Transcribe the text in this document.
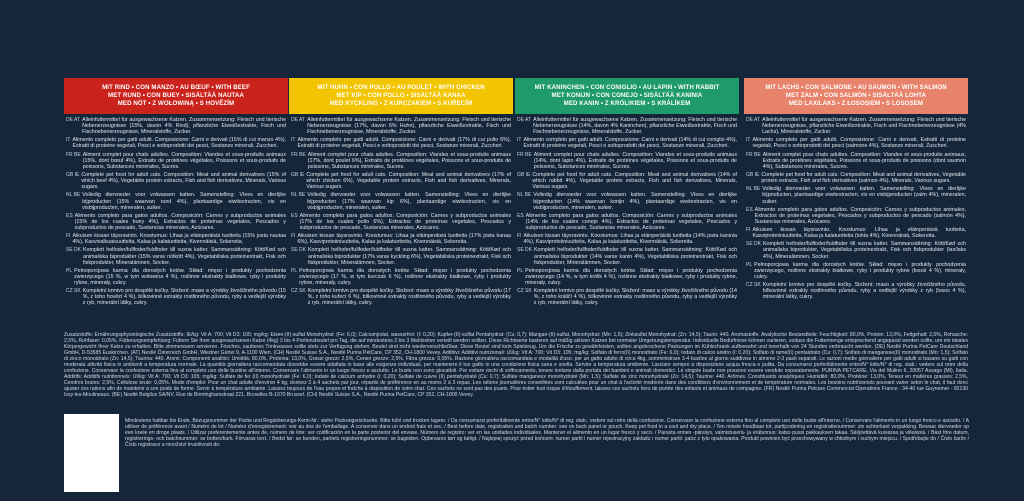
MIT RIND • CON MANZO • AU BŒUF • WITH BEEF
MET RUND • CON BUEY • SISÄLTÄÄ NAUTAA
MED NÖT • Z WOŁOWINĄ • S HOVĚZÍM
DE AT Alleinfuttermittel für ausgewachsene Katzen. Zusammensetzung: Fleisch und tierische Nebenerzeugnisse (15%, davon 4% Rind), pflanzliche Eiweißextrakte, Fisch und Fischnebenerzeugnisse, Mineralstoffe, Zucker.
IT Alimento completo per gatti adulti. Composizione: Carni e derivati (15% di cui manzo 4%), Estratti di proteine vegetali, Pesci e sottoprodotti dei pesci, Sostanze minerali, Zuccheri.
FR BE Aliment complet pour chats adultes. Composition: Viandes et sous-produits animaux (15%, dont bœuf 4%), Extraits de protéines végétales, Poissons et sous-produits de poissons, Substances minérales, Sucres.
GB IE Complete pet food for adult cats. Composition: Meat and animal derivatives (15% of which beef 4%), Vegetable protein extracts, Fish and fish derivatives, Minerals, Various sugars.
NL BE Volledig diervoeder voor volwassen katten. Samenstelling: Vlees en dierlijke bijproducten (15% waarvan rund 4%), plantaardige eiwitextracten, vis en visbijproducten, mineralen, suiker.
ES Alimento completo para gatos adultos. Composición: Carnes y subproductos animales (15% de los cuales buey 4%), Extractos de proteínas vegetales, Pescados y subproductos de pescado, Sustancias minerales, Azúcares.
FI Aikuisen kissan täysravinto. Koostumus: Lihaa ja eläinperäisiä tuotteita (15% josta nautaa 4%), Kasvivalkuaisuutteita, Kalaa ja kalatuotteita, Kivennäisiä, Sokereita.
SE DK Komplett helfoder/fullfoder/fuldfoder till vuxna katter. Sammansättning: Kött/Kød och animaliska biprodukter (15% varav nötkött 4%), Vegetabiliska proteinextrakt, Fisk och fiskprodukter, Mineralämnen, Socker.
PL Pełnoporcjowa karma dla dorosłych kotów. Skład: mięso i produkty pochodzenia zwierzęcego (15 %, w tym wołowina 4 %), roślinne ekstrakty białkowe, ryby i produkty rybne, minerały, cukry.
CZ SK Kompletní krmivo pro dospělé kočky. Složení: maso a výrobky živočišného původu (15 %, z toho hovězí 4 %), bílkovinné extrakty rostlinného původu, ryby a vedlejší výrobky z ryb, minerální látky, cukry.
MIT HUHN • CON POLLO • AU POULET • WITH CHICKEN
MET KIP • CON POLLO • SISÄLTÄÄ KANAA
MED KYCKLING • Z KURCZAKIEM • S KUŘECÍM
DE AT Alleinfuttermittel für ausgewachsene Katzen. Zusammensetzung: Fleisch und tierische Nebenerzeugnisse (17%, davon 6% Huhn), pflanzliche Eiweißextrakte, Fisch und Fischnebenerzeugnisse, Mineralstoffe, Zucker.
IT Alimento completo per gatti adulti. Composizione: Carni e derivati (17% di cui pollo 6%), Estratti di proteine vegetali, Pesci e sottoprodotti dei pesci, Sostanze minerali, Zuccheri.
FR BE Aliment complet pour chats adultes. Composition: Viandes et sous-produits animaux (17%, dont poulet 6%), Extraits de protéines végétales, Poissons et sous-produits de poissons, Substances minérales, Sucres.
GB IE Complete pet food for adult cats. Composition: Meat and animal derivatives (17% of which chicken 6%), Vegetable protein extracts, Fish and fish derivatives, Minerals, Various sugars.
NL BE Volledig diervoeder voor volwassen katten. Samenstelling: Vlees en dierlijke bijproducten (17% waarvan kip 6%), plantaardige eiwitextracten, vis en visbijproducten, mineralen, suiker.
ES Alimento completo para gatos adultos. Composición: Carnes y subproductos animales (17% de los cuales pollo 6%), Extractos de proteínas vegetales, Pescados y subproductos de pescado, Sustancias minerales, Azúcares.
FI Aikuisen kissan täysravinto. Koostumus: Lihaa ja eläinperäisiä tuotteita (17% josta kanaa 6%), Kasviproteiiniuutteita, Kalaa ja kalatuotteita, Kivennäisiä, Sokereita.
SE DK Komplett helfoder/fullfoder/fuldfoder till vuxna katter. Sammansättning: Kött/Kød och animaliska biprodukter (17% varav kyckling 6%), Vegetabiliska proteinextrakt, Fisk och fiskprodukter, Mineralämnen, Socker.
PL Pełnoporcjowa karma dla dorosłych kotów. Skład: mięso i produkty pochodzenia zwierzęcego (17 %, w tym kurczak 6 %), roślinne ekstrakty białkowe, ryby i produkty rybne, minerały, cukry.
CZ SK Kompletní krmivo pro dospělé kočky. Složení: maso a výrobky živočišného původu (17 %, z toho kuřecí 6 %), bílkovinné extrakty rostlinného původu, ryby a vedlejší výrobky z ryb, minerální látky, cukry.
MIT KANINCHEN • CON CONIGLIO • AU LAPIN • WITH RABBIT
MET KONIJN • CON CONEJO • SISÄLTÄÄ KANINIA
MED KANIN • Z KRÓLIKIEM • S KRÁLÍKEM
DE AT Alleinfuttermittel für ausgewachsene Katzen. Zusammensetzung: Fleisch und tierische Nebenerzeugnisse (14%, davon 4% Kaninchen), pflanzliche Eiweißextrakte, Fisch und Fischnebenerzeugnisse, Mineralstoffe, Zucker.
IT Alimento completo per gatti adulti. Composizione: Carni e derivati (14% di cui coniglio 4%), Estratti di proteine vegetali, Pesci e sottoprodotti dei pesci, Sostanze minerali, Zuccheri.
FR BE Aliment complet pour chats adultes. Composition: Viandes et sous-produits animaux (14%, dont lapin 4%), Extraits de protéines végétales, Poissons et sous-produits de poissons, Substances minérales, Sucres.
GB IE Complete pet food for adult cats. Composition: Meat and animal derivatives (14% of which rabbit 4%), Vegetable protein extracts, Fish and fish derivatives, Minerals, Various sugars.
NL BE Volledig diervoeder voor volwassen katten. Samenstelling: Vlees en dierlijke bijproducten (14% waarvan konijn 4%), plantaardige eiwitextracten, vis en visbijproducten, mineralen, suiker.
ES Alimento completo para gatos adultos. Composición: Carnes y subproductos animales (14% de los cuales conejo 4%), Extractos de proteínas vegetales, Pescados y subproductos de pescado, Sustancias minerales, Azúcares.
FI Aikuisen kissan täysravinto. Koostumus: Lihaa ja eläinperäisiä tuotteita (14% josta kaninia 4%), Kasviproteiiniuutteita, Kalaa ja kalatuotteita, Kivennäisiä, Sokereita.
SE DK Komplett helfoder/fullfoder/fuldfoder till vuxna katter. Sammansättning: Kött/Kød och animaliska biprodukter (14% varav kanin 4%), Vegetabiliska proteinextrakt, Fisk och fiskprodukter, Mineralämnen, Socker.
PL Pełnoporcjowa karma dla dorosłych kotów. Skład: mięso i produkty pochodzenia zwierzęcego (14 %, w tym królik 4 %), roślinne ekstrakty białkowe, ryby i produkty rybne, minerały, cukry.
CZ SK Kompletní krmivo pro dospělé kočky. Složení: maso a výrobky živočišného původu (14 %, z toho králičí 4 %), bílkovinné extrakty rostlinného původu, ryby a vedlejší výrobky z ryb, minerální látky, cukry.
MIT LACHS • CON SALMONE • AU SAUMON • WITH SALMON
MET ZALM • CON SALMÓN • SISÄLTÄÄ LOHTA
MED LAX/LAKS • Z ŁOSOSIEM • S LOSOSEM
DE AT Alleinfuttermittel für ausgewachsene Katzen. Zusammensetzung: Fleisch und tierische Nebenerzeugnisse, pflanzliche Eiweißextrakte, Fisch und Fischnebenerzeugnisse (4% Lachs), Mineralstoffe, Zucker.
IT Alimento completo per gatti adulti. Composizione: Carni e derivati, Estratti di proteine vegetali, Pesci e sottoprodotti dei pesci (salmone 4%), Sostanze minerali, Zuccheri.
FR BE Aliment complet pour chats adultes. Composition: Viandes et sous-produits animaux, Extraits de protéines végétales, Poissons et sous-produits de poissons (dont saumon 4%), Substances minérales, Sucres.
GB IE Complete pet food for adult cats. Composition: Meat and animal derivatives, Vegetable protein extracts, Fish and fish derivatives (salmon 4%), Minerals, Various sugars.
NL BE Volledig diervoeder voor volwassen katten. Samenstelling: Vlees en dierlijke bijproducten, plantaardige eiwitextracten, vis en visbijproducten (zalm 4%), mineralen, suiker.
ES Alimento completo para gatos adultos. Composición: Carnes y subproductos animales, Extractos de proteínas vegetales, Pescados y subproductos de pescado (salmón 4%), Sustancias minerales, Azúcares.
FI Aikuisen kissan täysravinto. Koostumus: Lihaa ja eläinperäisiä tuotteita, Kasviproteiiniuutteita, Kalaa ja kalatuotteita (lohta 4%), Kivennäisiä, Sokereita.
SE DK Komplett helfoder/fullfoder/fuldfoder till vuxna katter. Sammansättning: Kött/Kød och animaliska biprodukter, Vegetabiliska proteinextrakt, Fisk och fiskprodukter (lax/laks 4%), Mineralämnen, Socker.
PL Pełnoporcjowa karma dla dorosłych kotów. Skład: mięso i produkty pochodzenia zwierzęcego, roślinne ekstrakty białkowe, ryby i produkty rybne (łosoś 4 %), minerały, cukry.
CZ SK Kompletní krmivo pro dospělé kočky. Složení: maso a výrobky živočišného původu, bílkovinné extrakty rostlinného původu, ryby a vedlejší výrobky z ryb (losos 4 %), minerální látky, cukry.
Zusatzstoffe: Ernährungsphysiologische Zusatzstoffe: IE/kg: Vit A: 700; Vit D3: 105; mg/kg: Eisen-(II)-sulfat Monohydrat: (Fe: 6,0); Calciumjodat, wasserfrei: (I: 0,20); Kupfer-(II)-sulfat Pentahydrat: (Cu: 0,7); Mangan-(II)-sulfat, Monohydrat: (Mn: 1,5); Zinksulfat Monohydrat: (Zn: 14,5); Taurin: 440. Aromastoffe. Analytische Bestandteile: Feuchtigkeit: 80,0%, Protein: 13,0%, Fettgehalt: 2,5%, Rohasche: 2,5%, Rohfaser: 0,05%. Fütterungsempfehlung: Füttern Sie Ihrer ausgewachsenen Katze (4kg) 3 bis 4 Portionsbeutel pro Tag, die auf mindestens 2 bis 3 Mahlzeiten verteilt werden sollten. Diese Richtwerte basieren auf mäßig aktiven Katzen bei normaler Umgebungstemperatur. Individuelle Bedürfnisse können variieren, sodass die Futtermenge entsprechend angepasst werden sollte, um ein ideales Körpergewicht Ihrer Katze zu erhalten. Bitte zimmerwarm servieren. Frisches, sauberes Trinkwasser sollte stets zur Verfügung stehen. Beutel sind nicht wiederverschließbar. Diese Beutel sind kein Spielzeug. Um die Frische zu gewährleisten, sollten angebrochene Packungen im Kühlschrank aufbewahrt und innerhalb von 24 Stunden verbraucht werden. (DE) Nestlé Purina PetCare Deutschland GmbH, D-53585 Euskirchen. (AT) Nestlé Österreich GmbH, Wiedner Gürtel 9, A-1100 Wien. (CH) Nestlé Suisse S.A., Nestlé Purina PetCare, CP 352, CH-1800 Vevey. Additivi: Additivi nutrizionali: UI/kg: Vit A: 700; Vit D3: 105; mg/kg: Solfato di ferro(II) monoidrato (Fe: 6,0); Iodato di calcio anidro (I: 0,20); Solfato di rame(II) pentaidrato (Cu: 0,7); Solfato di manganese(II) monoidrato (Mn: 1,5); Solfato di zinco monoidrato (Zn: 14,5); Taurina: 440. Aromi. Componenti analitici: Umidità: 80,0%, Proteina: 13,0%, Grassi grezzi: 2,5%, Ceneri grezze: 2,5%, Fibra grezza: 0,05%. Razione giornaliera raccomandata e modalità d'uso: per un gatto adulto di circa 4kg, somministrare 3-4 bustine al giorno suddivise in almeno 2-3 pasti separati. Le razioni medie giornaliere per gatti adulti si basano su gatti con moderata attività fisica in ambienti a temperatura normale. La quantità giornaliera raccomandata dovrebbe essere adattata in base alle esigenze individuali, per mantenere il tuo gatto in una condizione fisica sana e snella. Servire a temperatura ambiente. Lasciare sempre a disposizione acqua fresca e pulita. Da consumarsi preferibilmente entro/N° lotto/N° di reg. stab.: vedere sul retro della confezione. Conservare la confezione esterna fino al completo uso delle bustine all'interno. Conservare l'alimento in un luogo fresco e asciutto. Le buste non sono giocattoli. Per evitare rischi di soffocamento, tenere lontano dalla portata dei bambini e animali domestici. Le singole buste non possono essere vendute separatamente. PURINA PETCARE, Via del Mulino 6, 20057 Assago (MI), Italia. Additifs: Additifs nutritionnels: UI/kg: Vit A: 700; Vit D3: 105; mg/kg: Sulfate de fer (II) monohydraté (Fe: 6,0); Iodate de calcium anhydre (I: 0,20); Sulfate de cuivre (II) pentahydraté (Cu: 0,7); Sulfate manganeux monohydraté (Mn: 1,5); Sulfate de zinc monohydraté (Zn: 14,5); Taurine: 440. Arômes. Constituants analytiques: Humidité: 80,0%, Protéine: 13,0%, Teneur en matières grasses: 2,5%, Cendres brutes: 2,5%, Cellulose brute: 0,05%. Mode d'emploi: Pour un chat adulte d'environ 4 kg, donnez 3 à 4 sachets par jour, répartis de préférence en au moins 2 à 3 repas. Les rations journalières conseillées sont calculées pour un chat à l'activité modérée dans des conditions d'environnement et de température normales. Les besoins nutritionnels pouvant varier selon le chat, il faut donc ajuster ces rations afin de maintenir à son poids de forme. Servir à température ambiante. Laissez toujours de l'eau propre et fraîche à disposition de votre chat. Ces sachets ne sont pas des jouets. Pour éviter tout risque d'étouffement, laissez ces sachets hors de portée des enfants et animaux de compagnie. (FR) Nestlé Purina Petcare Commercial Operations France - 34-40 rue Guynemer - 92130 Issy-les-Moulineaux. (BE) Nestlé Belgilux SA/NV, Rue de Birminghamstraat 221, Bruxelles B-1070 Brussel. (CH) Nestlé Suisse S.A., Nestlé Purina PetCare, CP 352, CH-1800 Vevey.
Mindestens haltbar bis Ende, Bezugsnummer der Partie und Registrierungs-Kenn-Nr.: siehe Packungsrückseite. Bitte kühl und trocken lagern. / Da consumarsi preferibilmente entro/N° lotto/N° di reg. stab.: vedere sul retro della confezione. Conservare la confezione esterna fino al completo uso delle buste all'interno. / Conservare l'alimento in un luogo fresco e asciutto. / A utiliser de préférence avant / Numéro de lot / Numéro d'enregistrement: voir au dos de l'emballage. A conserver dans un endroit frais et sec. / Best before date, registration and batch number: see on back panel or pouch. Keep pet food in a cool and dry place. / Ten minste houdbaar tot, partijcodering en registratienummer: zie achterkant verpakking. Bewaar diervoeder op een koele en droge plaats. / Utilizar preferentemente antes de, número de lote: ver codificación en la parte posterior del envase. Número de registro: ver en las unidades individuales. Mantener el alimento en un lugar fresco y seco. / Parasta ennen -päiväys, valmistuserä- ja erätunnus: katso pussi pakkauksen takaa. Säilytettävä kuivassa ja viileässä. / Bäst före datum, registrerings- och batchnummer: se botten/burk. Förvaras torrt. / Bedst før: se bunden, partiets registreringsnummer: se bagsiden. Opbevares tørt og køligt. / Najlepiej spożyć przed końcem: numer partii i numer rejestracyjny zakładu i numer partii: patrz z tyłu opakowania. Produkt powinien być przechowywany w chłodnym i suchym miejscu. / Spotřebujte do / Číslo šarže / Číslo registrace a množství trvanlivosti do:
